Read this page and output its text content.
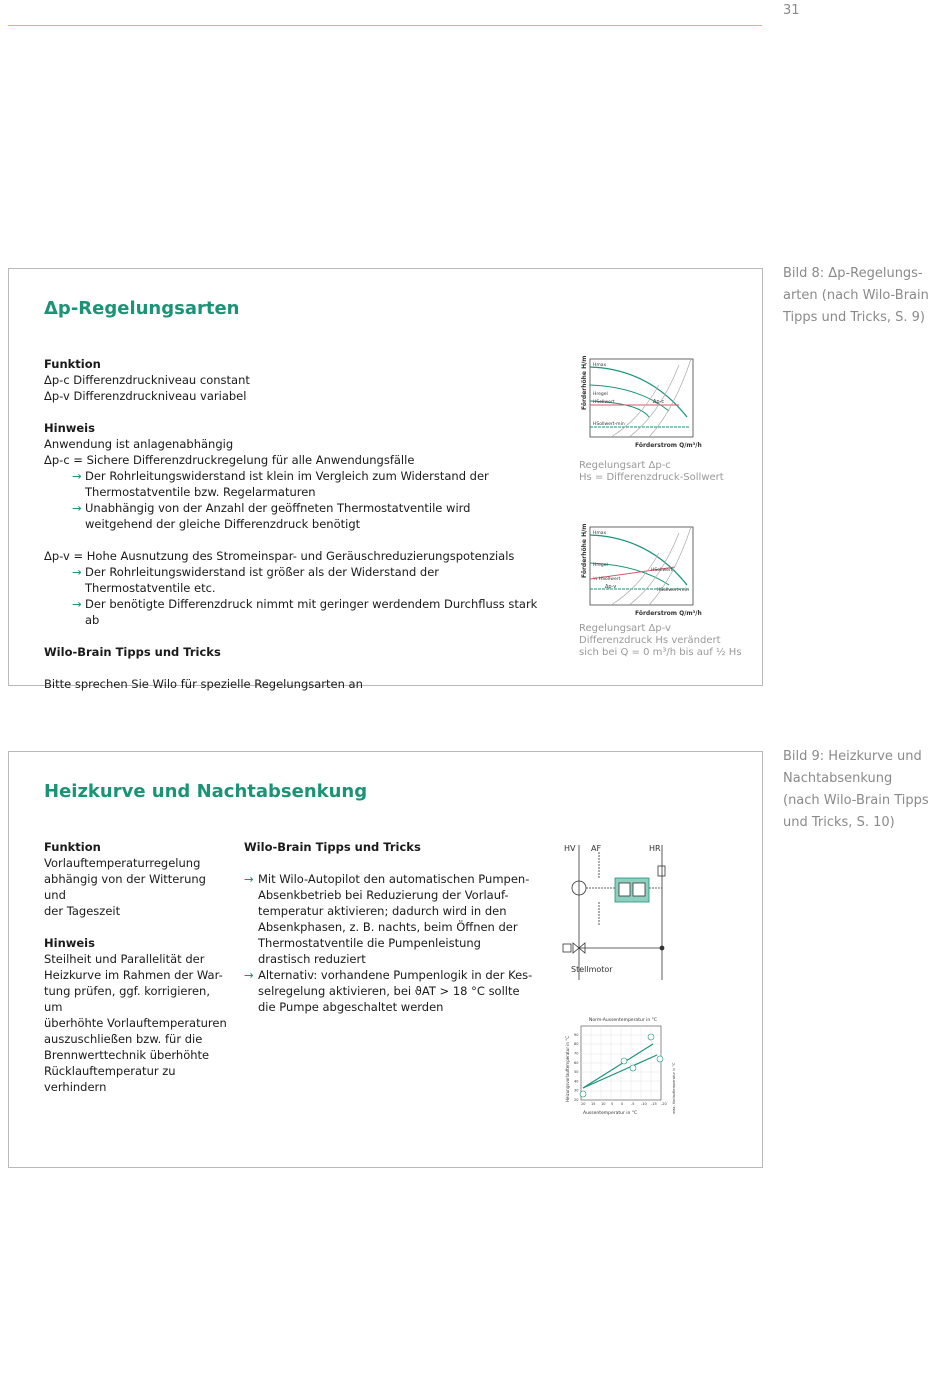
31
Δp-Regelungsarten
Funktion
Δp-c Differenzdruckniveau constant
Δp-v Differenzdruckniveau variabel
Hinweis
Anwendung ist anlagenabhängig
Δp-c = Sichere Differenzdruckregelung für alle Anwendungsfälle
→ Der Rohrleitungswiderstand ist klein im Vergleich zum Widerstand der
Thermostatventile bzw. Regelarmaturen
→ Unabhängig von der Anzahl der geöffneten Thermostatventile wird
weitgehend der gleiche Differenzdruck benötigt
Δp-v = Hohe Ausnutzung des Stromeinspar- und Geräuschreduzierungspotenzials
→ Der Rohrleitungswiderstand ist größer als der Widerstand der Thermostatventile etc.
→ Der benötigte Differenzdruck nimmt mit geringer werdendem Durchfluss stark ab
Wilo-Brain Tipps und Tricks
Bitte sprechen Sie Wilo für spezielle Regelungsarten an
Förderhöhe H/m Hmax
Hregel
HSollwert
HSollwert-min
Δp-c
Förderstrom Q/m³/h
Regelungsart Δp-c
Hs = Differenzdruck-Sollwert
Förderhöhe H/m Hmax
Hregel
HSollwert
½ HSollwert
Δp-v
HSollwert-min
Förderstrom Q/m³/h
Regelungsart Δp-v
Differenzdruck Hs verändert
sich bei Q = 0 m³/h bis auf ½ Hs
Bild 8: Δp-Regelungs-arten (nach Wilo-Brain Tipps und Tricks, S. 9)
Heizkurve und Nachtabsenkung
Funktion
Vorlauftemperaturregelung
abhängig von der Witterung und
der Tageszeit
Hinweis
Steilheit und Parallelität der
Heizkurve im Rahmen der War-
tung prüfen, ggf. korrigieren, um
überhöhte Vorlauftemperaturen
auszuschließen bzw. für die
Brennwerttechnik überhöhte
Rücklauftemperatur zu verhindern
Wilo-Brain Tipps und Tricks
→ Mit Wilo-Autopilot den automatischen Pumpen-Absenkbetrieb bei Reduzierung der Vorlauf-temperatur aktivieren; dadurch wird in den Absenkphasen, z. B. nachts, beim Öffnen der Thermostatventile die Pumpenleistung drastisch reduziert
→ Alternativ: vorhandene Pumpenlogik in der Kes-selregelung aktivieren, bei ϑAT > 18 °C sollte die Pumpe abgeschaltet werden
HV AF	HR
Stellmotor
Norm-Aussentemperatur in °C
Heizungsvorlauftemperatur in °C	max. Vorlauftemperatur in °C
20 15 10 5 0 -5 -10 -15 -20
20
30
40
50
60
70
80
90
Aussentemperatur in °C
Bild 9: Heizkurve und Nachtabsenkung (nach Wilo-Brain Tipps und Tricks, S. 10)
